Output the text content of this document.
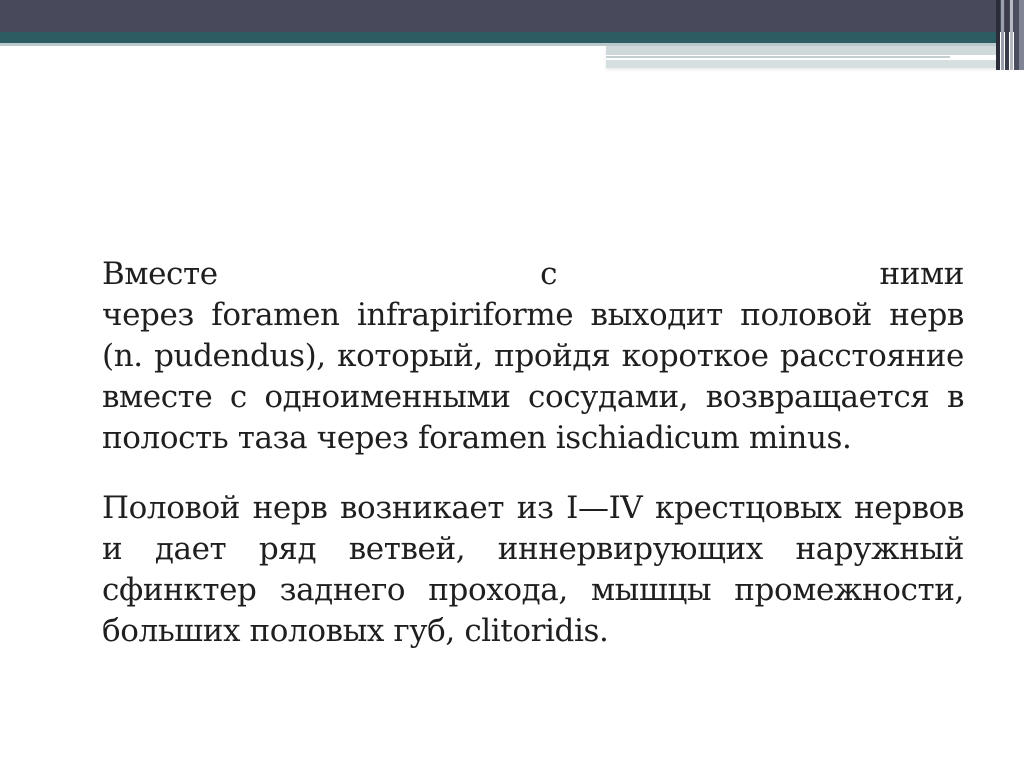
Вместе с ними
через foramen infrapiriforme выходит половой нерв (n. pudendus), который, пройдя короткое расстояние вместе с одноименными сосудами, возвращается в полость таза через foramen ischiadicum minus.

Половой нерв возникает из I—IV крестцовых нервов и дает ряд ветвей, иннервирующих наружный сфинктер заднего прохода, мышцы промежности, больших половых губ, clitoridis.
